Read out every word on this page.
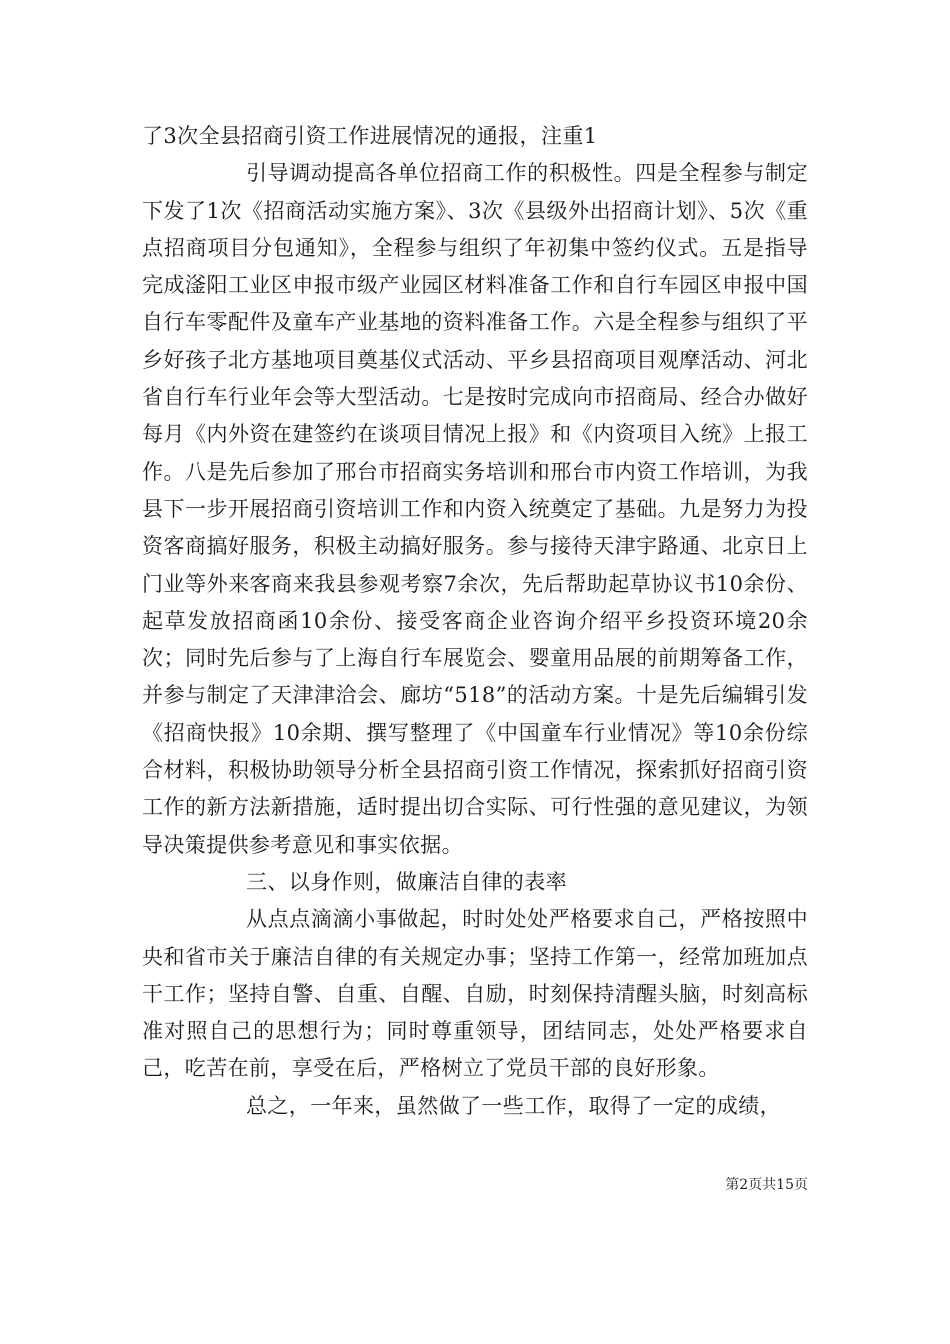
了3次全县招商引资工作进展情况的通报，注重1

引导调动提高各单位招商工作的积极性。四是全程参与制定下发了1次《招商活动实施方案》、3次《县级外出招商计划》、5次《重点招商项目分包通知》，全程参与组织了年初集中签约仪式。五是指导完成滏阳工业区申报市级产业园区材料准备工作和自行车园区申报中国自行车零配件及童车产业基地的资料准备工作。六是全程参与组织了平乡好孩子北方基地项目奠基仪式活动、平乡县招商项目观摩活动、河北省自行车行业年会等大型活动。七是按时完成向市招商局、经合办做好每月《内外资在建签约在谈项目情况上报》和《内资项目入统》上报工作。八是先后参加了邢台市招商实务培训和邢台市内资工作培训，为我县下一步开展招商引资培训工作和内资入统奠定了基础。九是努力为投资客商搞好服务，积极主动搞好服务。参与接待天津宇路通、北京日上门业等外来客商来我县参观考察7余次，先后帮助起草协议书10余份、起草发放招商函10余份、接受客商企业咨询介绍平乡投资环境20余次；同时先后参与了上海自行车展览会、婴童用品展的前期筹备工作，并参与制定了天津津洽会、廊坊“518”的活动方案。十是先后编辑引发《招商快报》10余期、撰写整理了《中国童车行业情况》等10余份综合材料，积极协助领导分析全县招商引资工作情况，探索抓好招商引资工作的新方法新措施，适时提出切合实际、可行性强的意见建议，为领导决策提供参考意见和事实依据。

三、以身作则，做廉洁自律的表率

从点点滴滴小事做起，时时处处严格要求自己，严格按照中央和省市关于廉洁自律的有关规定办事；坚持工作第一，经常加班加点干工作；坚持自警、自重、自醒、自励，时刻保持清醒头脑，时刻高标准对照自己的思想行为；同时尊重领导，团结同志，处处严格要求自己，吃苦在前，享受在后，严格树立了党员干部的良好形象。

总之，一年来，虽然做了一些工作，取得了一定的成绩，

第2页共15页
